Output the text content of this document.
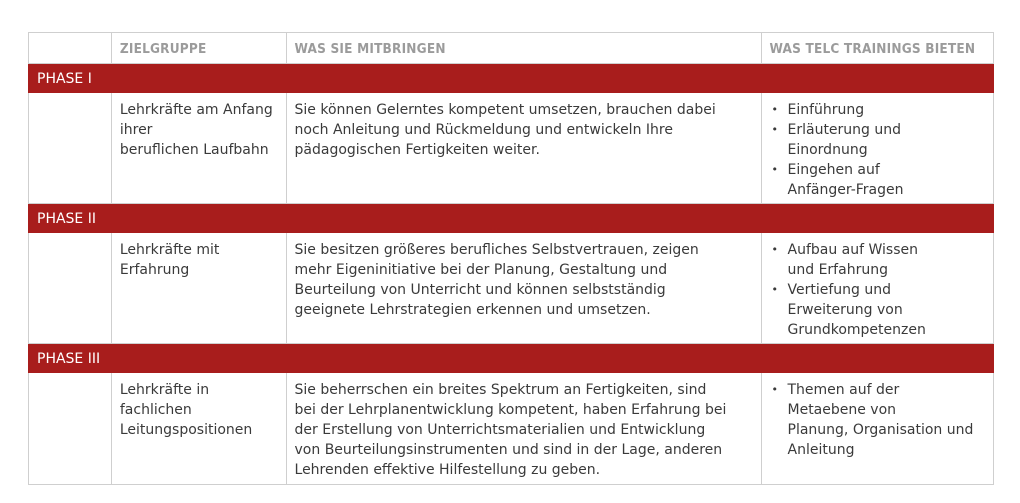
ZIELGRUPPE	WAS SIE MITBRINGEN	WAS TELC TRAININGS BIETEN
PHASE I
Lehrkräfte am Anfang
ihrer
beruflichen Laufbahn
Sie können Gelerntes kompetent umsetzen, brauchen dabei
noch Anleitung und Rückmeldung und entwickeln Ihre
pädagogischen Fertigkeiten weiter.
• Einführung
• Erläuterung und
Einordnung
• Eingehen auf
Anfänger-Fragen
PHASE II
Lehrkräfte mit
Erfahrung
Sie besitzen größeres berufliches Selbstvertrauen, zeigen
mehr Eigeninitiative bei der Planung, Gestaltung und
Beurteilung von Unterricht und können selbstständig
geeignete Lehrstrategien erkennen und umsetzen.
• Aufbau auf Wissen
und Erfahrung
• Vertiefung und
Erweiterung von
Grundkompetenzen
PHASE III
Lehrkräfte in
fachlichen
Leitungspositionen
Sie beherrschen ein breites Spektrum an Fertigkeiten, sind
bei der Lehrplanentwicklung kompetent, haben Erfahrung bei
der Erstellung von Unterrichtsmaterialien und Entwicklung
von Beurteilungsinstrumenten und sind in der Lage, anderen
Lehrenden effektive Hilfestellung zu geben.
• Themen auf der
Metaebene von
Planung, Organisation und
Anleitung
